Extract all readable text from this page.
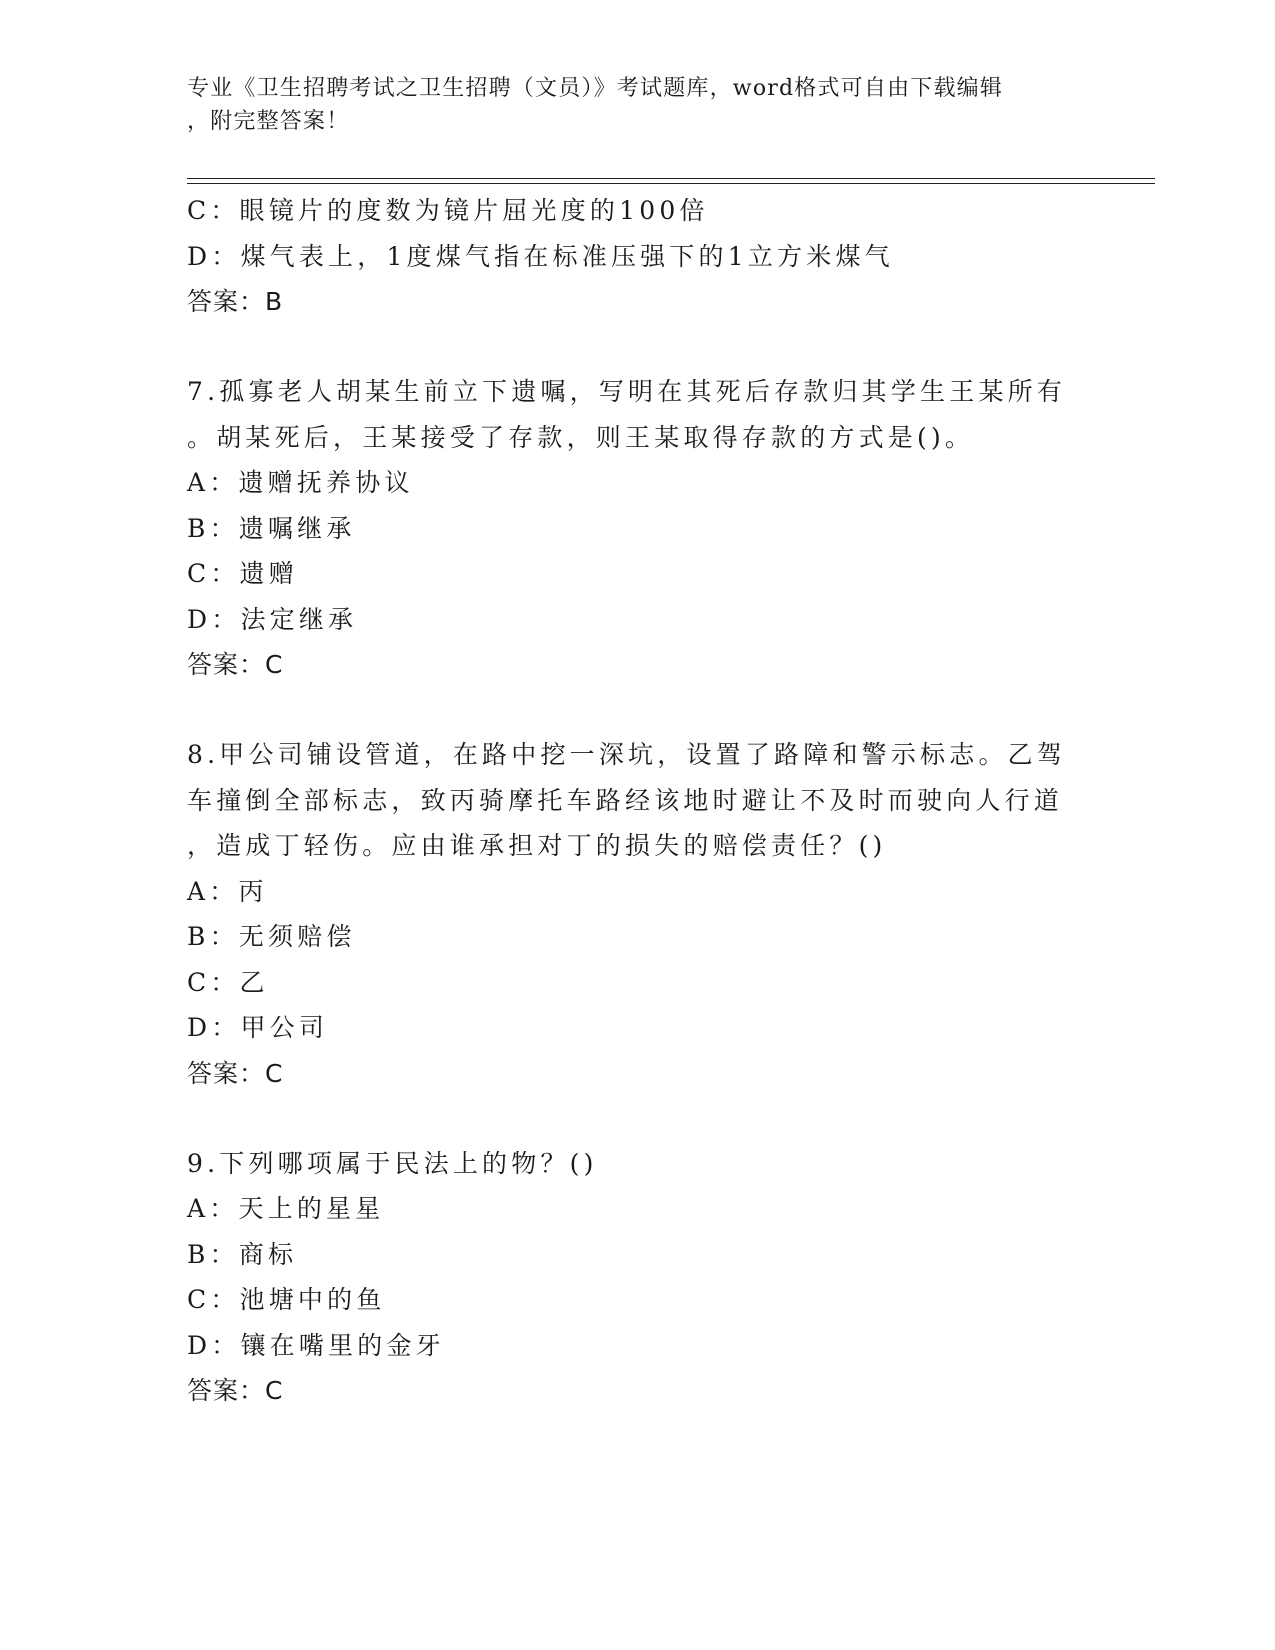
专业《卫生招聘考试之卫生招聘（文员）》考试题库，word格式可自由下载编辑
，附完整答案！
C：眼镜片的度数为镜片屈光度的100倍
D：煤气表上，1度煤气指在标准压强下的1立方米煤气
答案：B
7.孤寡老人胡某生前立下遗嘱，写明在其死后存款归其学生王某所有
。胡某死后，王某接受了存款，则王某取得存款的方式是()。
A：遗赠抚养协议
B：遗嘱继承
C：遗赠
D：法定继承
答案：C
8.甲公司铺设管道，在路中挖一深坑，设置了路障和警示标志。乙驾
车撞倒全部标志，致丙骑摩托车路经该地时避让不及时而驶向人行道
，造成丁轻伤。应由谁承担对丁的损失的赔偿责任？()
A：丙
B：无须赔偿
C：乙
D：甲公司
答案：C
9.下列哪项属于民法上的物？()
A：天上的星星
B：商标
C：池塘中的鱼
D：镶在嘴里的金牙
答案：C
